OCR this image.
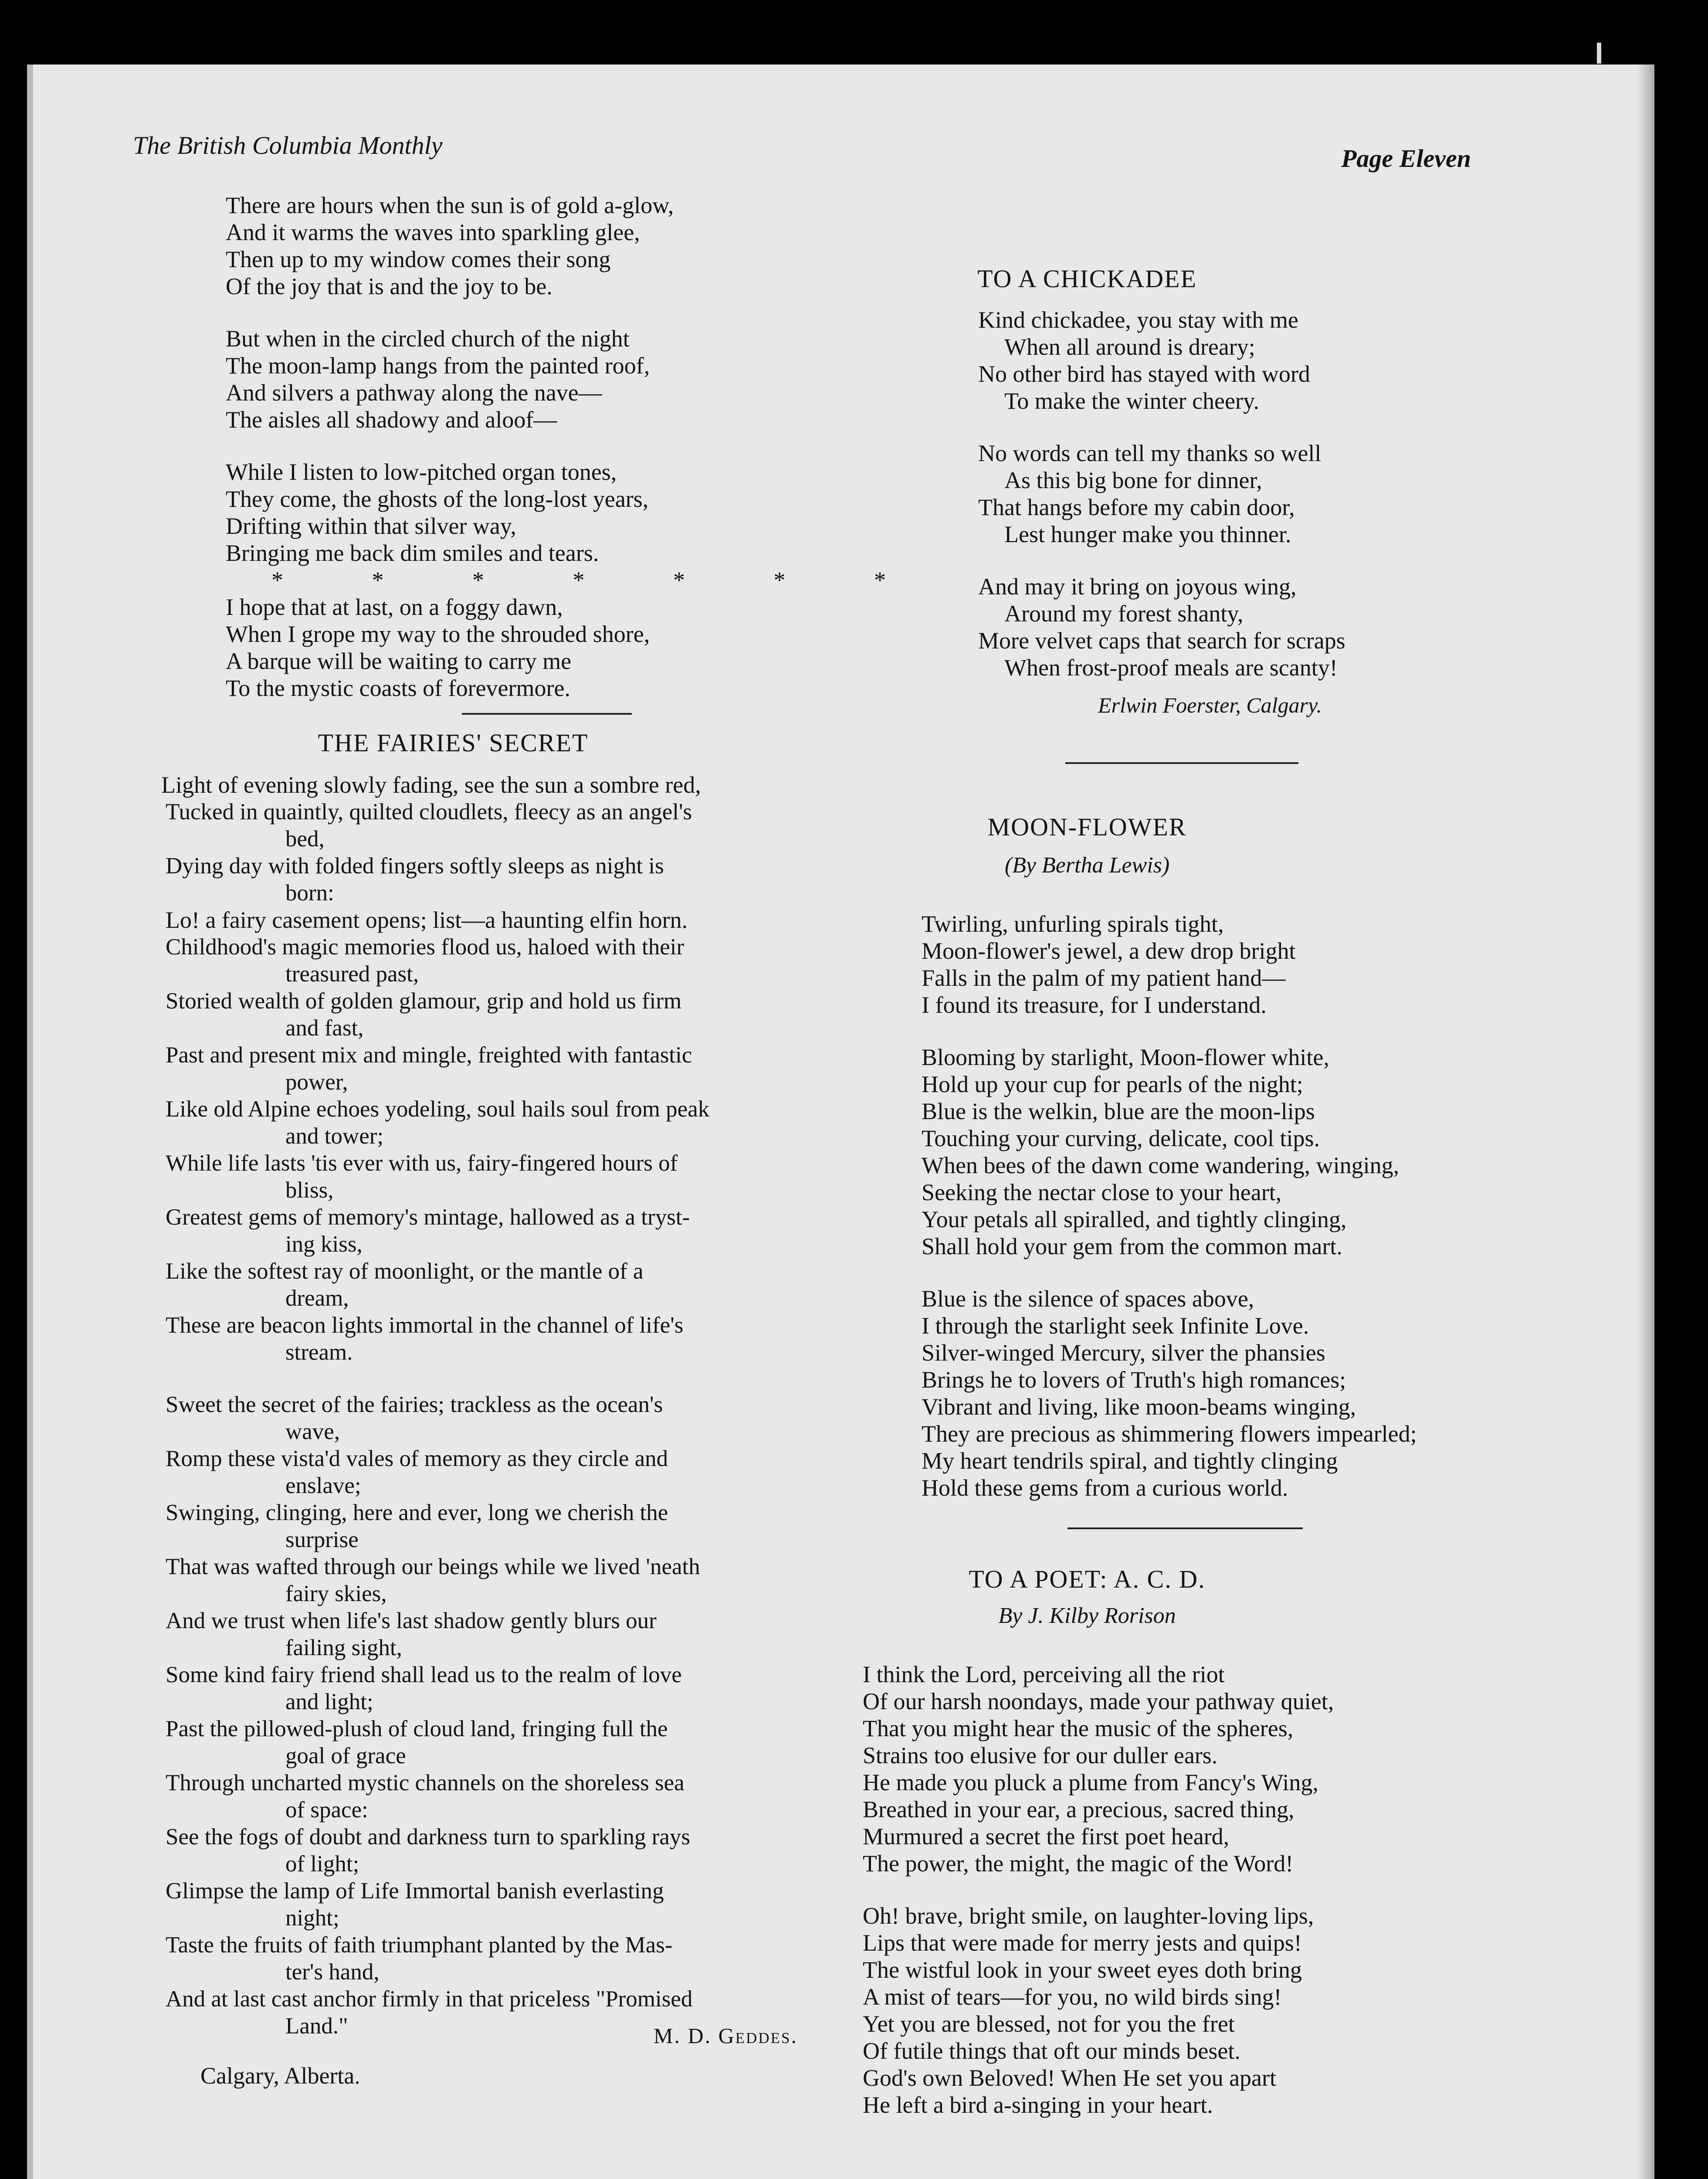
The British Columbia Monthly	Page Eleven
There are hours when the sun is of gold a-glow,
And it warms the waves into sparkling glee,
Then up to my window comes their song
Of the joy that is and the joy to be.
But when in the circled church of the night
The moon-lamp hangs from the painted roof,
And silvers a pathway along the nave—
The aisles all shadowy and aloof—
While I listen to low-pitched organ tones,
They come, the ghosts of the long-lost years,
Drifting within that silver way,
Bringing me back dim smiles and tears.
* * * * * * *
I hope that at last, on a foggy dawn,
When I grope my way to the shrouded shore,
A barque will be waiting to carry me
To the mystic coasts of forevermore.
THE FAIRIES' SECRET
Light of evening slowly fading, see the sun a sombre red,
Tucked in quaintly, quilted cloudlets, fleecy as an angel's
bed,
Dying day with folded fingers softly sleeps as night is
born:
Lo! a fairy casement opens; list—a haunting elfin horn.
Childhood's magic memories flood us, haloed with their
treasured past,
Storied wealth of golden glamour, grip and hold us firm
and fast,
Past and present mix and mingle, freighted with fantastic
power,
Like old Alpine echoes yodeling, soul hails soul from peak
and tower;
While life lasts 'tis ever with us, fairy-fingered hours of
bliss,
Greatest gems of memory's mintage, hallowed as a tryst-
ing kiss,
Like the softest ray of moonlight, or the mantle of a
dream,
These are beacon lights immortal in the channel of life's
stream.
Sweet the secret of the fairies; trackless as the ocean's
wave,
Romp these vista'd vales of memory as they circle and
enslave;
Swinging, clinging, here and ever, long we cherish the
surprise
That was wafted through our beings while we lived 'neath
fairy skies,
And we trust when life's last shadow gently blurs our
failing sight,
Some kind fairy friend shall lead us to the realm of love
and light;
Past the pillowed-plush of cloud land, fringing full the
goal of grace
Through uncharted mystic channels on the shoreless sea
of space:
See the fogs of doubt and darkness turn to sparkling rays
of light;
Glimpse the lamp of Life Immortal banish everlasting
night;
Taste the fruits of faith triumphant planted by the Mas-
ter's hand,
And at last cast anchor firmly in that priceless "Promised
Land."	M. D. Geddes.
Calgary, Alberta.
TO A CHICKADEE
Kind chickadee, you stay with me
When all around is dreary;
No other bird has stayed with word
To make the winter cheery.
No words can tell my thanks so well
As this big bone for dinner,
That hangs before my cabin door,
Lest hunger make you thinner.
And may it bring on joyous wing,
Around my forest shanty,
More velvet caps that search for scraps
When frost-proof meals are scanty!
Erlwin Foerster, Calgary.
MOON-FLOWER
(By Bertha Lewis)
Twirling, unfurling spirals tight,
Moon-flower's jewel, a dew drop bright
Falls in the palm of my patient hand—
I found its treasure, for I understand.
Blooming by starlight, Moon-flower white,
Hold up your cup for pearls of the night;
Blue is the welkin, blue are the moon-lips
Touching your curving, delicate, cool tips.
When bees of the dawn come wandering, winging,
Seeking the nectar close to your heart,
Your petals all spiralled, and tightly clinging,
Shall hold your gem from the common mart.
Blue is the silence of spaces above,
I through the starlight seek Infinite Love.
Silver-winged Mercury, silver the phansies
Brings he to lovers of Truth's high romances;
Vibrant and living, like moon-beams winging,
They are precious as shimmering flowers impearled;
My heart tendrils spiral, and tightly clinging
Hold these gems from a curious world.
TO A POET: A. C. D.
By J. Kilby Rorison
I think the Lord, perceiving all the riot
Of our harsh noondays, made your pathway quiet,
That you might hear the music of the spheres,
Strains too elusive for our duller ears.
He made you pluck a plume from Fancy's Wing,
Breathed in your ear, a precious, sacred thing,
Murmured a secret the first poet heard,
The power, the might, the magic of the Word!
Oh! brave, bright smile, on laughter-loving lips,
Lips that were made for merry jests and quips!
The wistful look in your sweet eyes doth bring
A mist of tears—for you, no wild birds sing!
Yet you are blessed, not for you the fret
Of futile things that oft our minds beset.
God's own Beloved! When He set you apart
He left a bird a-singing in your heart.
